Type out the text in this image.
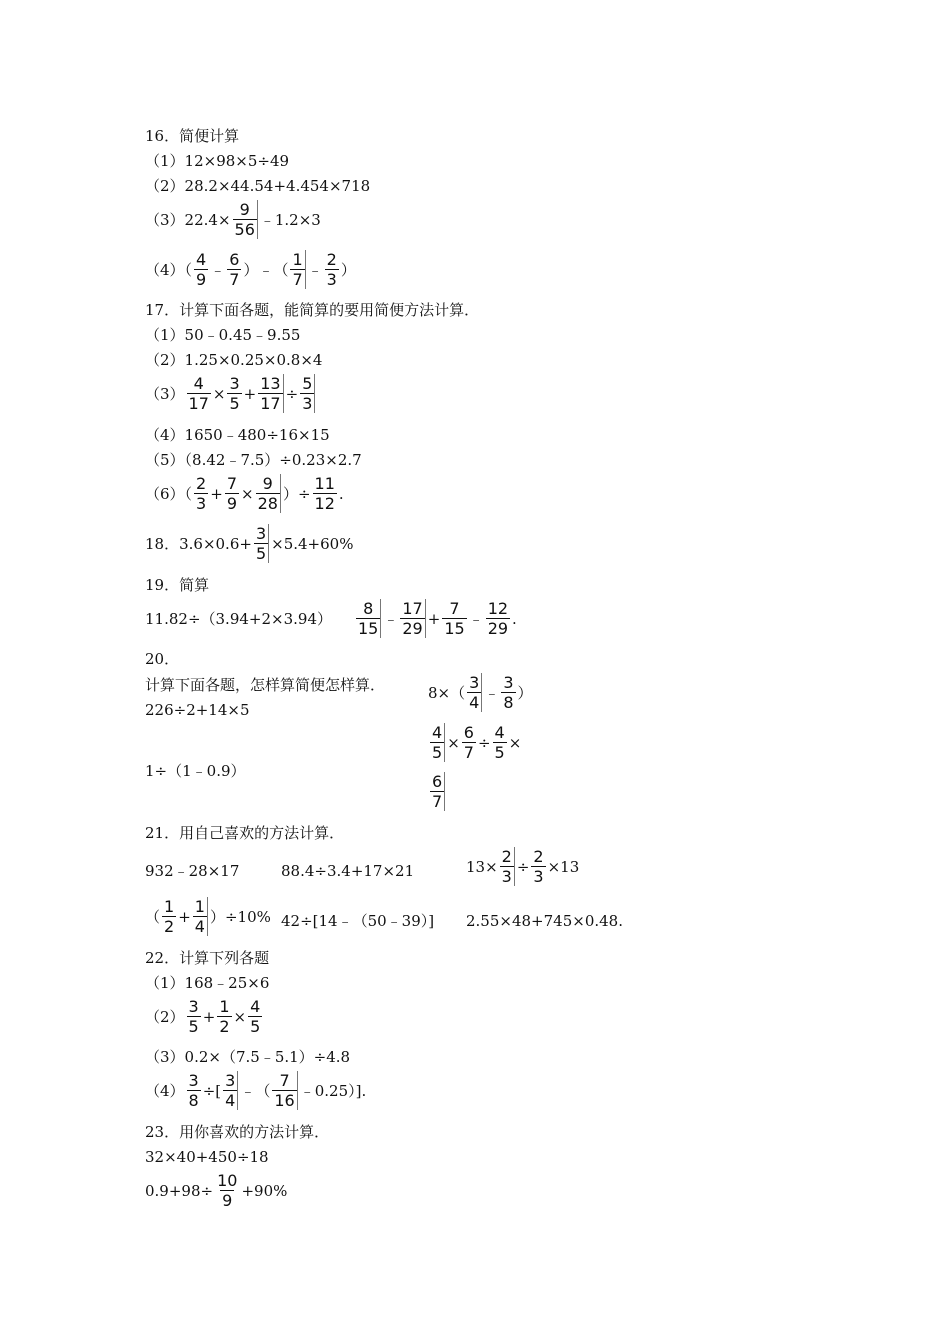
16．简便计算
（1）12×98×5÷49
（2）28.2×44.54+4.454×718
$(3)22.4\times \frac{9}{56}$ ﹣1.2×3
$(4)( \frac{4}{9}$ ﹣ $\frac{6}{7}$ ）﹣（ $\frac{1}{7}$ ﹣ $\frac{2}{3}$ ）
17．计算下面各题，能简算的要用简便方法计算．
（1）50﹣0.45﹣9.55
（2）1.25×0.25×0.8×4
$(3) \frac{4}{17} \times \frac{3}{5} + \frac{13}{17} \div \frac{5}{3}$
（4）1650﹣480÷16×15
（5）（8.42﹣7.5）÷0.23×2.7
$(6)( \frac{2}{3} + \frac{7}{9} \times \frac{9}{28}$ ）÷ $\frac{11}{12}$ .
18．$3.6\times 0.6+ \frac{3}{5} \times 5.4+60\%$
19．简算
$11.82\div(3.94+2\times 3.94) \frac{8}{15}$ ﹣ $\frac{17}{29} + \frac{7}{15}$ ﹣ $\frac{12}{29}$ .
20．
计算下面各题，怎样算简便怎样算．
226÷2+14×5
1÷（1﹣0.9）
$8\times( \frac{3}{4}$ ﹣ $\frac{3}{8}$ ）
$\frac{4}{5} \times \frac{6}{7} \div \frac{4}{5}$ ×
$\frac{6}{7}$
21．用自己喜欢的方法计算．
932﹣28×17	88.4÷3.4+17×21	$13\times \frac{2}{3} \div \frac{2}{3} \times 13$
（ $\frac{1}{2} + \frac{1}{4} )\div 10\%$ 42÷[14﹣（50﹣39）] 2.55×48+745×0.48.
22．计算下列各题
（1）168﹣25×6
$(2) \frac{3}{5} + \frac{1}{2} \times \frac{4}{5}$
（3）0.2×（7.5﹣5.1）÷4.8
$(4) \frac{3}{8}$ ÷[ $\frac{3}{4}$ ﹣（ $\frac{7}{16}$ ﹣0.25）].
23．用你喜欢的方法计算．
32×40+450÷18
$0.9+98\div \frac{10}{9} +90\%$
